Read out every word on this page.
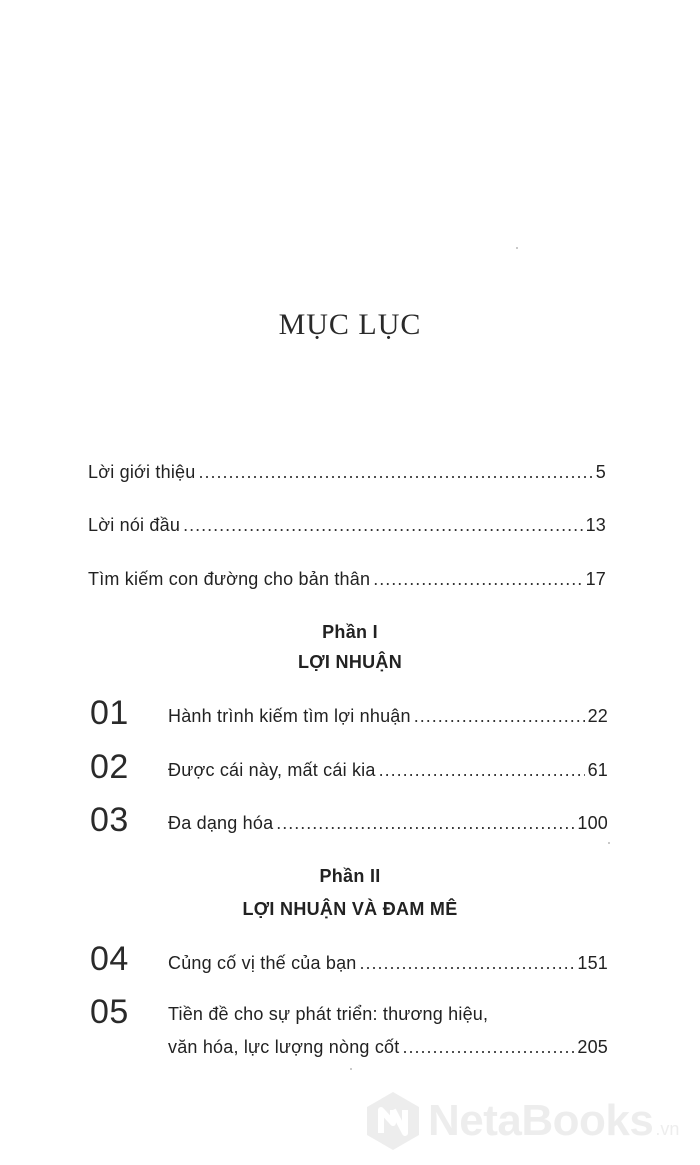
MỤC LỤC
Lời giới thiệu .....	5
Lời nói đầu .....	13
Tìm kiếm con đường cho bản thân .....	17
Phần I
LỢI NHUẬN
01 Hành trình kiếm tìm lợi nhuận .....	22
02 Được cái này, mất cái kia .....	61
03 Đa dạng hóa .....	100
Phần II
LỢI NHUẬN VÀ ĐAM MÊ
04 Củng cố vị thế của bạn .....	151
05 Tiền đề cho sự phát triển: thương hiệu,
văn hóa, lực lượng nòng cốt .....	205
NetaBooks .vn
